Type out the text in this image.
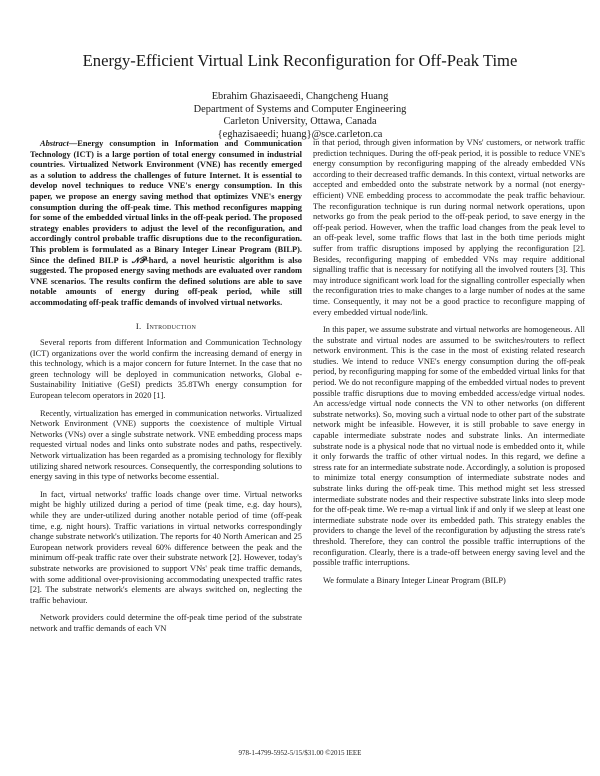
Energy-Efficient Virtual Link Reconfiguration for Off-Peak Time
Ebrahim Ghazisaeedi, Changcheng Huang
Department of Systems and Computer Engineering
Carleton University, Ottawa, Canada
{eghazisaeedi; huang}@sce.carleton.ca
Abstract—Energy consumption in Information and Communication Technology (ICT) is a large portion of total energy consumed in industrial countries. Virtualized Network Environment (VNE) has recently emerged as a solution to address the challenges of future Internet. It is essential to develop novel techniques to reduce VNE's energy consumption. In this paper, we propose an energy saving method that optimizes VNE's energy consumption during the off-peak time. This method reconfigures mapping for some of the embedded virtual links in the off-peak period. The proposed strategy enables providers to adjust the level of the reconfiguration, and accordingly control probable traffic disruptions due to the reconfiguration. This problem is formulated as a Binary Integer Linear Program (BILP). Since the defined BILP is 𝒩𝒫-hard, a novel heuristic algorithm is also suggested. The proposed energy saving methods are evaluated over random VNE scenarios. The results confirm the defined solutions are able to save notable amounts of energy during off-peak period, while still accommodating off-peak traffic demands of involved virtual networks.
I. Introduction

Several reports from different Information and Communication Technology (ICT) organizations over the world confirm the increasing demand of energy in this technology, which is a major concern for future Internet. In the case that no green technology will be deployed in communication networks, Global e-Sustainability Initiative (GeSI) predicts 35.8TWh energy consumption for European telecom operators in 2020 [1].

Recently, virtualization has emerged in communication networks. Virtualized Network Environment (VNE) supports the coexistence of multiple Virtual Networks (VNs) over a single substrate network. VNE embedding process maps requested virtual nodes and links onto substrate nodes and paths, respectively. Network virtualization has been regarded as a promising technology for flexibly utilizing shared network resources. Consequently, the corresponding solutions to energy saving in this type of networks become essential.

In fact, virtual networks' traffic loads change over time. Virtual networks might be highly utilized during a period of time (peak time, e.g. day hours), while they are under-utilized during another notable period of time (off-peak time, e.g. night hours). Traffic variations in virtual networks correspondingly change substrate network's utilization. The reports for 40 North American and 25 European network providers reveal 60% difference between the peak and the minimum off-peak traffic rate over their substrate network [2]. However, today's substrate networks are provisioned to support VNs' peak time traffic demands, with some additional over-provisioning accommodating unexpected traffic rates [2]. The substrate network's elements are always switched on, neglecting the traffic behaviour.

Network providers could determine the off-peak time period of the substrate network and traffic demands of each VN

in that period, through given information by VNs' customers, or network traffic prediction techniques. During the off-peak period, it is possible to reduce VNE's energy consumption by reconfiguring mapping of the already embedded VNs according to their decreased traffic demands. In this context, virtual networks are accepted and embedded onto the substrate network by a normal (not energy-efficient) VNE embedding process to accommodate the peak traffic behaviour. The reconfiguration technique is run during normal network operations, upon networks go from the peak period to the off-peak period, to save energy in the off-peak period. However, when the traffic load changes from the peak level to an off-peak level, some traffic flows that last in the both time periods might suffer from traffic disruptions imposed by applying the reconfiguration [2]. Besides, reconfiguring mapping of embedded VNs may require additional signalling traffic that is necessary for notifying all the involved routers [3]. This may introduce significant work load for the signalling controller especially when the reconfiguration tries to make changes to a large number of nodes at the same time. Consequently, it may not be a good practice to reconfigure mapping of every embedded virtual node/link.

In this paper, we assume substrate and virtual networks are homogeneous. All the substrate and virtual nodes are assumed to be switches/routers to reflect network environment. This is the case in the most of existing related research studies. We intend to reduce VNE's energy consumption during the off-peak period, by reconfiguring mapping for some of the embedded virtual links for that period. We do not reconfigure mapping of the embedded virtual nodes to prevent possible traffic disruptions due to moving embedded access/edge virtual nodes. An access/edge virtual node connects the VN to other networks (on different substrate networks). So, moving such a virtual node to other part of the substrate network might be infeasible. However, it is still probable to save energy in capable intermediate substrate nodes and substrate links. An intermediate substrate node is a physical node that no virtual node is embedded onto it, while it only forwards the traffic of other virtual nodes. In this regard, we define a stress rate for an intermediate substrate node. Accordingly, a solution is proposed to minimize total energy consumption of intermediate substrate nodes and substrate links during the off-peak time. This method might set less stressed intermediate substrate nodes and their respective substrate links into sleep mode for the off-peak time. We re-map a virtual link if and only if we sleep at least one intermediate substrate node over its embedded path. This strategy enables the providers to change the level of the reconfiguration by adjusting the stress rate's threshold. Therefore, they can control the possible traffic interruptions of the reconfiguration. Clearly, there is a trade-off between energy saving level and the possible traffic interruptions.

We formulate a Binary Integer Linear Program (BILP)

978-1-4799-5952-5/15/$31.00 ©2015 IEEE
